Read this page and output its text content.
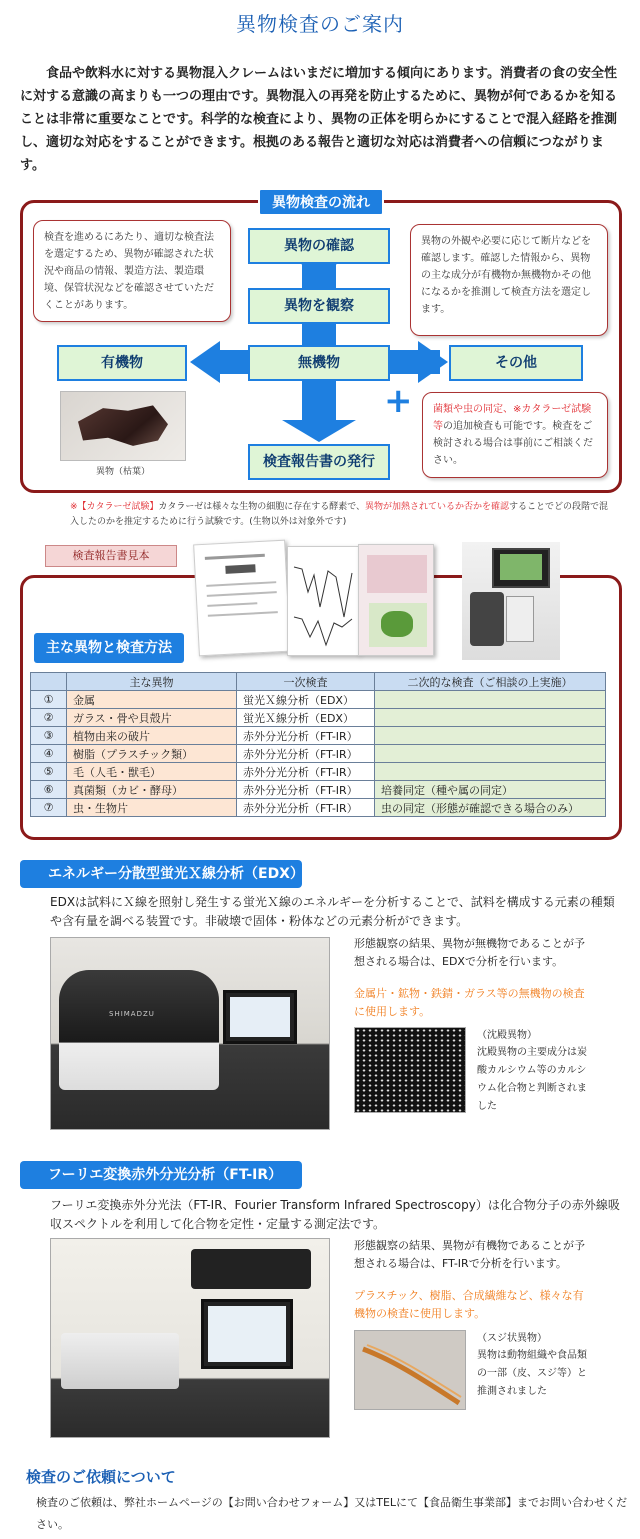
異物検査のご案内
食品や飲料水に対する異物混入クレームはいまだに増加する傾向にあります。消費者の食の安全性に対する意識の高まりも一つの理由です。異物混入の再発を防止するために、異物が何であるかを知ることは非常に重要なことです。科学的な検査により、異物の正体を明らかにすることで混入経路を推測し、適切な対応をすることができます。根拠のある報告と適切な対応は消費者への信頼につながります。
異物検査の流れ
検査を進めるにあたり、適切な検査法を選定するため、異物が確認された状況や商品の情報、製造方法、製造環境、保管状況などを確認させていただくことがあります。
異物の外観や必要に応じて断片などを確認します。確認した情報から、異物の主な成分が有機物か無機物かその他になるかを推測して検査方法を選定します。
異物の確認
異物を観察
有機物	無機物	その他
検査報告書の発行
異物（枯葉）
+	菌類や虫の同定、※カタラーゼ試験等の追加検査も可能です。検査をご検討される場合は事前にご相談ください。
※【カタラーゼ試験】カタラーゼは様々な生物の細胞に存在する酵素で、異物が加熱されているか否かを確認することでどの段階で混入したのかを推定するために行う試験です。(生物以外は対象外です)
検査報告書見本
主な異物と検査方法
	主な異物	一次検査	二次的な検査（ご相談の上実施）
①	金属	蛍光Ｘ線分析（EDX）	
②	ガラス・骨や貝殻片	蛍光Ｘ線分析（EDX）	
③	植物由来の破片	赤外分光分析（FT-IR）	
④	樹脂（プラスチック類）	赤外分光分析（FT-IR）	
⑤	毛（人毛・獣毛）	赤外分光分析（FT-IR）	
⑥	真菌類（カビ・酵母）	赤外分光分析（FT-IR）	培養同定（種や属の同定）
⑦	虫・生物片	赤外分光分析（FT-IR）	虫の同定（形態が確認できる場合のみ）
エネルギー分散型蛍光Ｘ線分析（EDX）
EDXは試料にＸ線を照射し発生する蛍光Ｘ線のエネルギーを分析することで、試料を構成する元素の種類や含有量を調べる装置です。非破壊で固体・粉体などの元素分析ができます。
SHIMADZU
形態観察の結果、異物が無機物であることが予想される場合は、EDXで分析を行います。
金属片・鉱物・鉄錆・ガラス等の無機物の検査に使用します。
（沈殿異物）
沈殿異物の主要成分は炭酸カルシウム等のカルシウム化合物と判断されました
フーリエ変換赤外分光分析（FT-IR）
フーリエ変換赤外分光法（FT-IR、Fourier Transform Infrared Spectroscopy）は化合物分子の赤外線吸収スペクトルを利用して化合物を定性・定量する測定法です。
形態観察の結果、異物が有機物であることが予想される場合は、FT-IRで分析を行います。
プラスチック、樹脂、合成繊維など、様々な有機物の検査に使用します。
（スジ状異物）
異物は動物組織や食品類の一部（皮、スジ等）と推測されました
検査のご依頼について
検査のご依頼は、弊社ホームページの【お問い合わせフォーム】又はTELにて【食品衛生事業部】までお問い合わせください。
